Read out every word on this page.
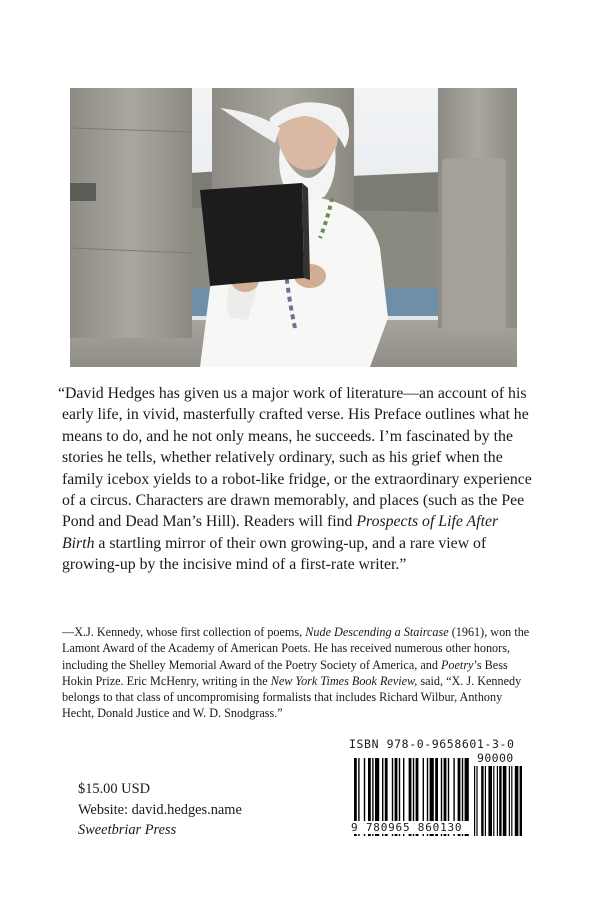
“David Hedges has given us a major work of literature—an account of his early life, in vivid, masterfully crafted verse. His Preface outlines what he means to do, and he not only means, he succeeds. I’m fascinated by the stories he tells, whether relatively ordinary, such as his grief when the family icebox yields to a robot-like fridge, or the extraordinary experience of a circus. Characters are drawn memorably, and places (such as the Pee Pond and Dead Man’s Hill). Readers will find Prospects of Life After Birth a startling mirror of their own growing-up, and a rare view of growing-up by the incisive mind of a first-rate writer.”
—X.J. Kennedy, whose first collection of poems, Nude Descending a Staircase (1961), won the Lamont Award of the Academy of American Poets. He has received numerous other honors, including the Shelley Memorial Award of the Poetry Society of America, and Poetry’s Bess Hokin Prize. Eric McHenry, writing in the New York Times Book Review, said, “X. J. Kennedy belongs to that class of uncompromising formalists that includes Richard Wilbur, Anthony Hecht, Donald Justice and W. D. Snodgrass.”
$15.00 USD
Website: david.hedges.name
Sweetbriar Press
ISBN 978-0-9658601-3-0
90000
9 780965 860130
